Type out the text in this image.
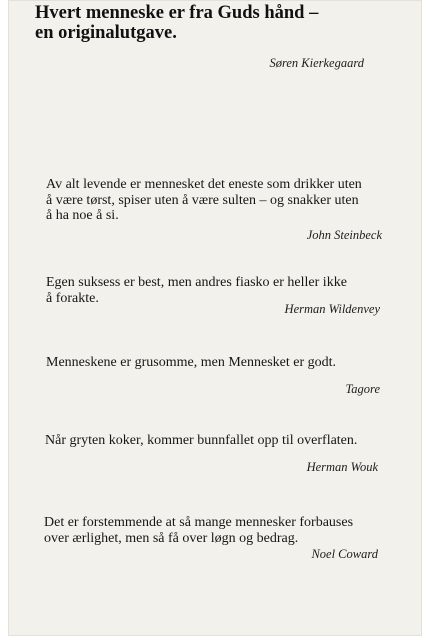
Hvert menneske er fra Guds hånd –
en originalutgave.
Søren Kierkegaard
Av alt levende er mennesket det eneste som drikker uten
å være tørst, spiser uten å være sulten – og snakker uten
å ha noe å si.
John Steinbeck
Egen suksess er best, men andres fiasko er heller ikke
å forakte.
Herman Wildenvey
Menneskene er grusomme, men Mennesket er godt.
Tagore
Når gryten koker, kommer bunnfallet opp til overflaten.
Herman Wouk
Det er forstemmende at så mange mennesker forbauses
over ærlighet, men så få over løgn og bedrag.
Noel Coward
